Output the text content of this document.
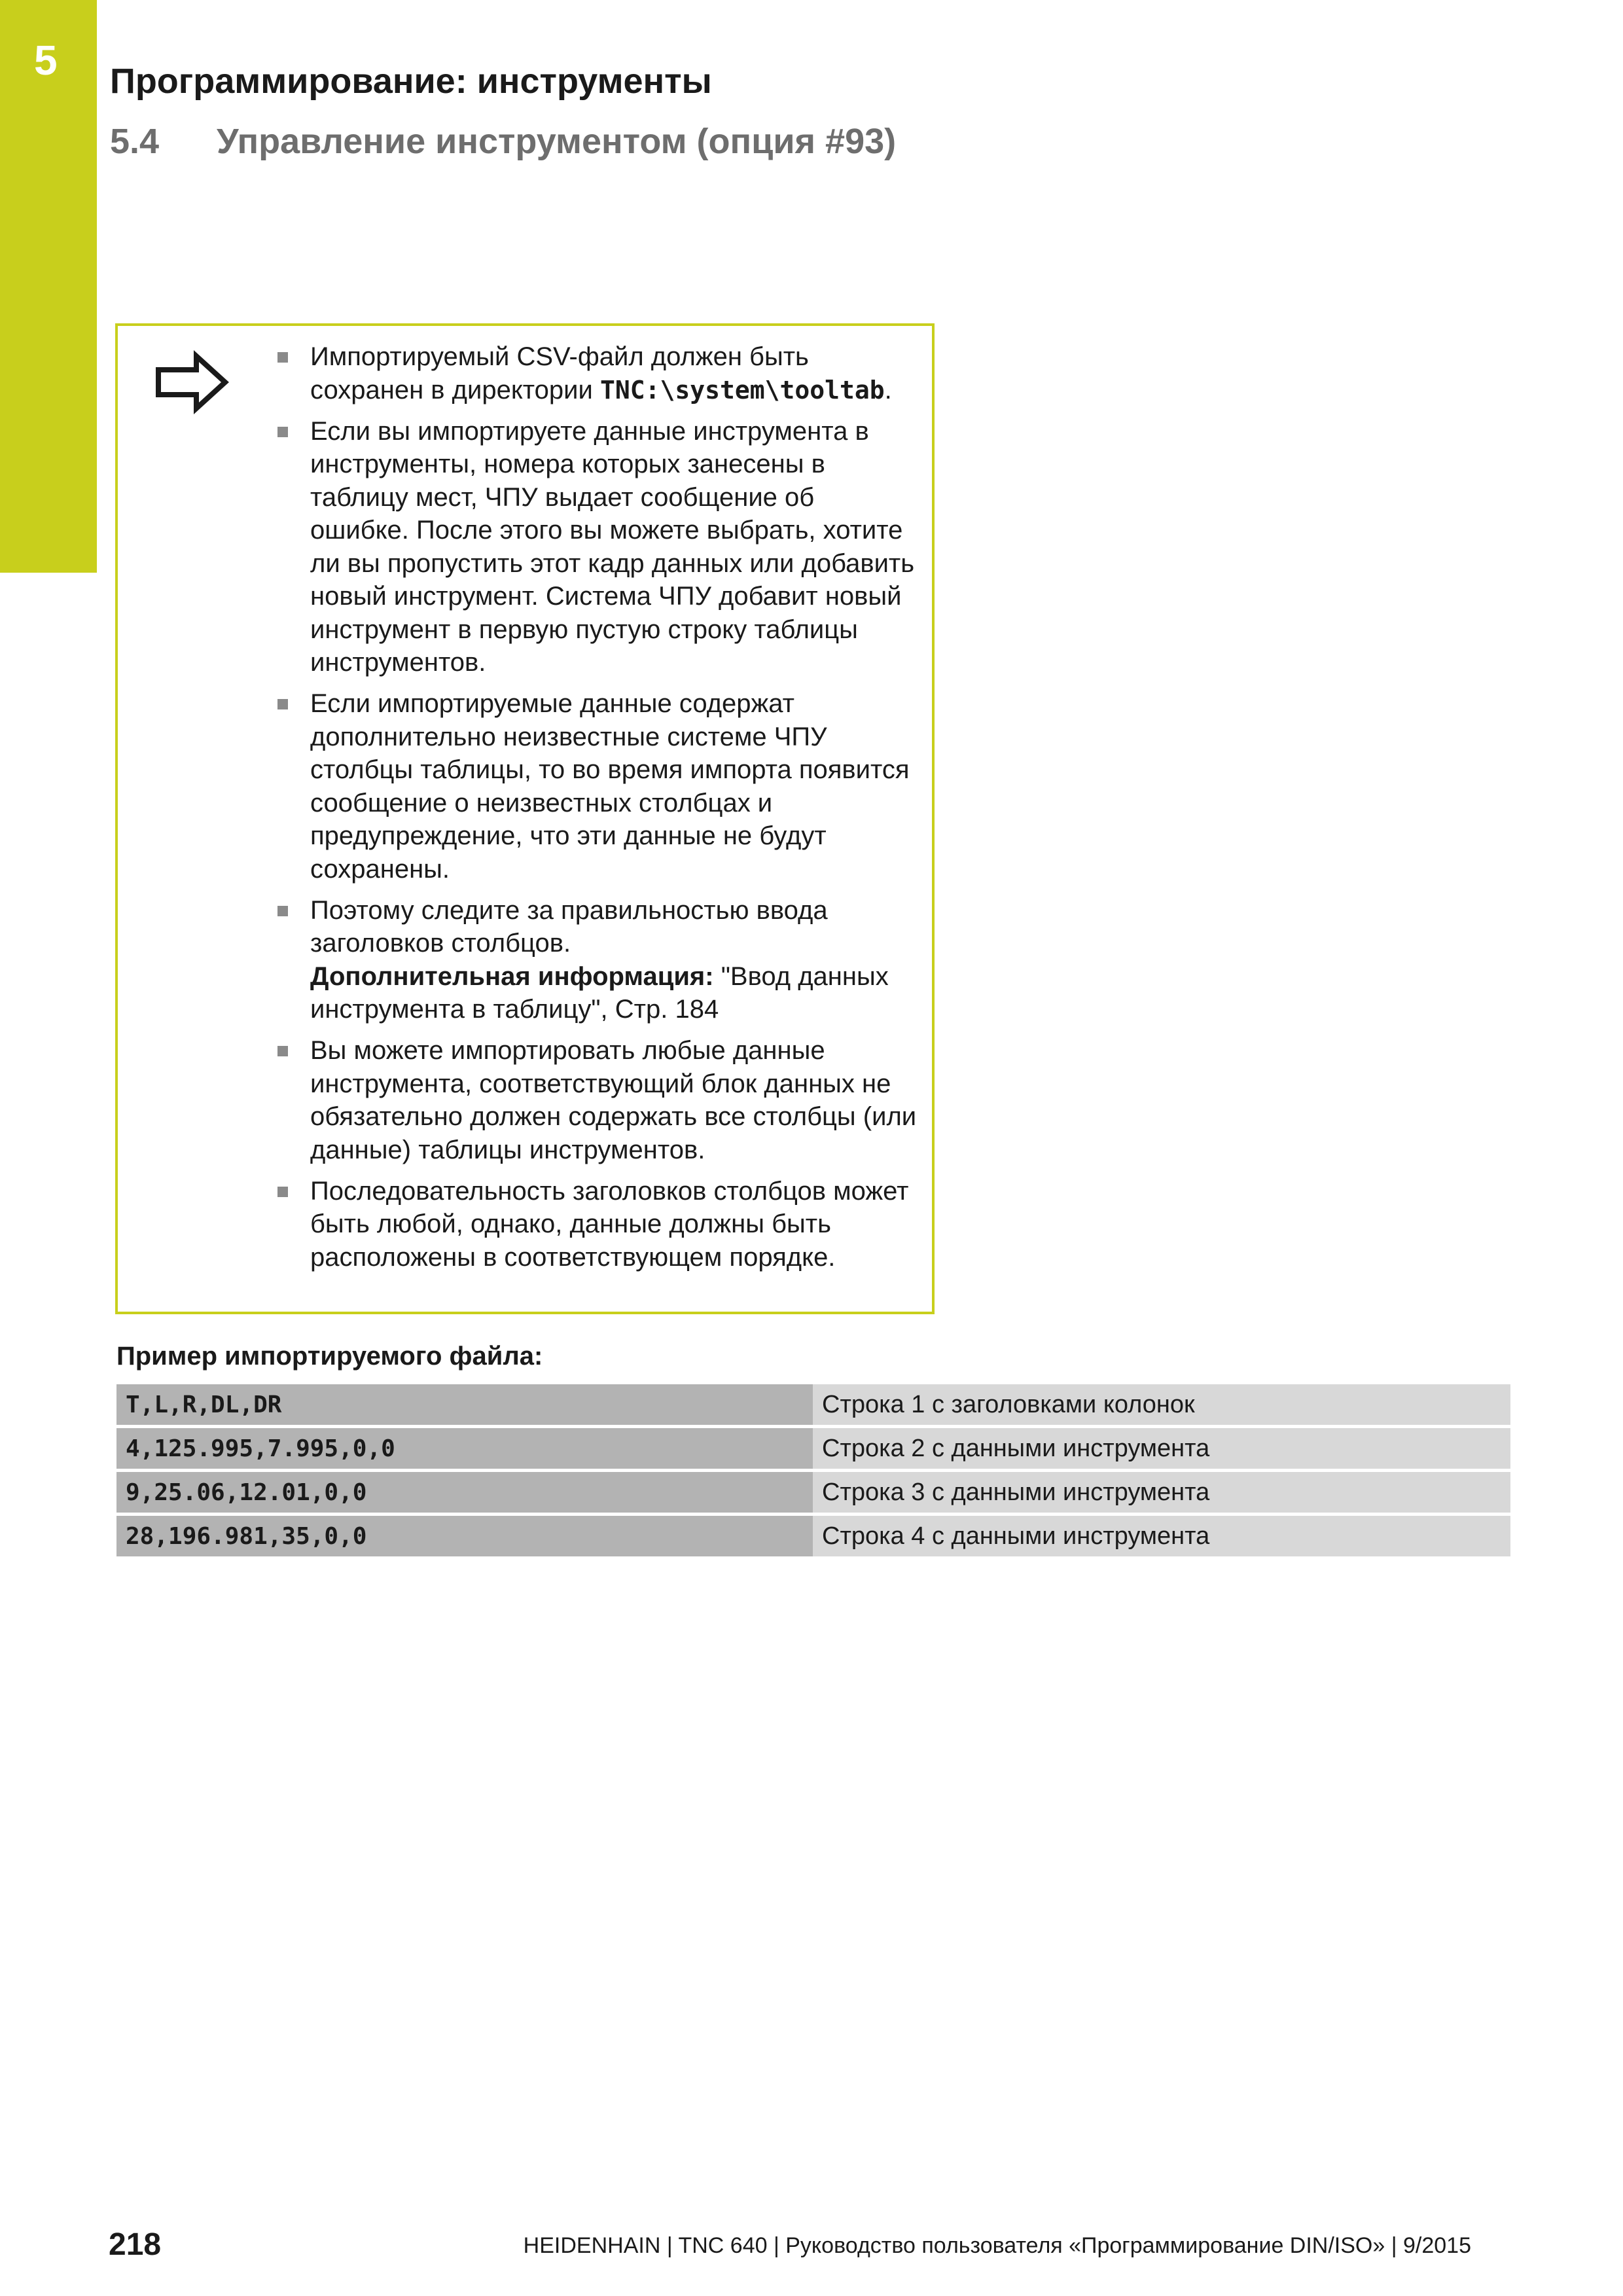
5 Программирование: инструменты
5.4 Управление инструментом (опция #93)
Импортируемый CSV-файл должен быть сохранен в директории TNC:\system\tooltab.
Если вы импортируете данные инструмента в инструменты, номера которых занесены в таблицу мест, ЧПУ выдает сообщение об ошибке. После этого вы можете выбрать, хотите ли вы пропустить этот кадр данных или добавить новый инструмент. Система ЧПУ добавит новый инструмент в первую пустую строку таблицы инструментов.
Если импортируемые данные содержат дополнительно неизвестные системе ЧПУ столбцы таблицы, то во время импорта появится сообщение о неизвестных столбцах и предупреждение, что эти данные не будут сохранены.
Поэтому следите за правильностью ввода заголовков столбцов.
Дополнительная информация: "Ввод данных инструмента в таблицу", Стр. 184
Вы можете импортировать любые данные инструмента, соответствующий блок данных не обязательно должен содержать все столбцы (или данные) таблицы инструментов.
Последовательность заголовков столбцов может быть любой, однако, данные должны быть расположены в соответствующем порядке.
Пример импортируемого файла:
T,L,R,DL,DR	Строка 1 с заголовками колонок
4,125.995,7.995,0,0	Строка 2 с данными инструмента
9,25.06,12.01,0,0	Строка 3 с данными инструмента
28,196.981,35,0,0	Строка 4 с данными инструмента
218	HEIDENHAIN | TNC 640 | Руководство пользователя «Программирование DIN/ISO» | 9/2015
